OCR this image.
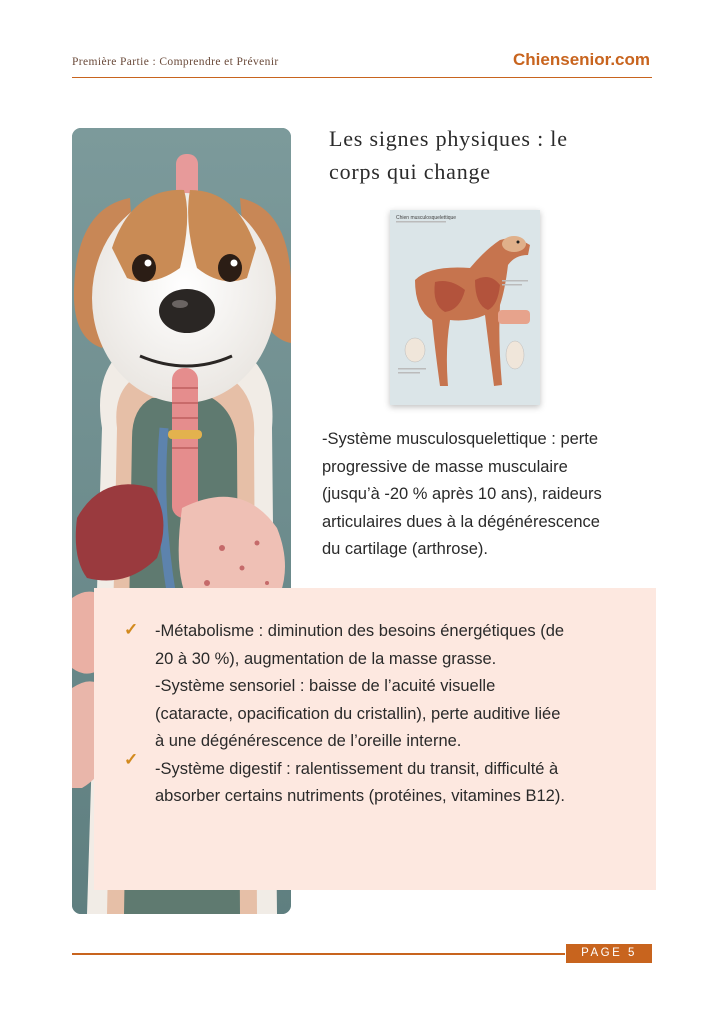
Première Partie : Comprendre et Prévenir	Chiensenior.com
Les signes physiques : le
corps qui change
Chien musculosquelettique
-Système musculosquelettique : perte
progressive de masse musculaire
(jusqu’à -20 % après 10 ans), raideurs
articulaires dues à la dégénérescence
du cartilage (arthrose).
✓
✓
-Métabolisme : diminution des besoins énergétiques (de
20 à 30 %), augmentation de la masse grasse.
-Système sensoriel : baisse de l’acuité visuelle
(cataracte, opacification du cristallin), perte auditive liée
à une dégénérescence de l’oreille interne.
-Système digestif : ralentissement du transit, difficulté à
absorber certains nutriments (protéines, vitamines B12).
PAGE 5
